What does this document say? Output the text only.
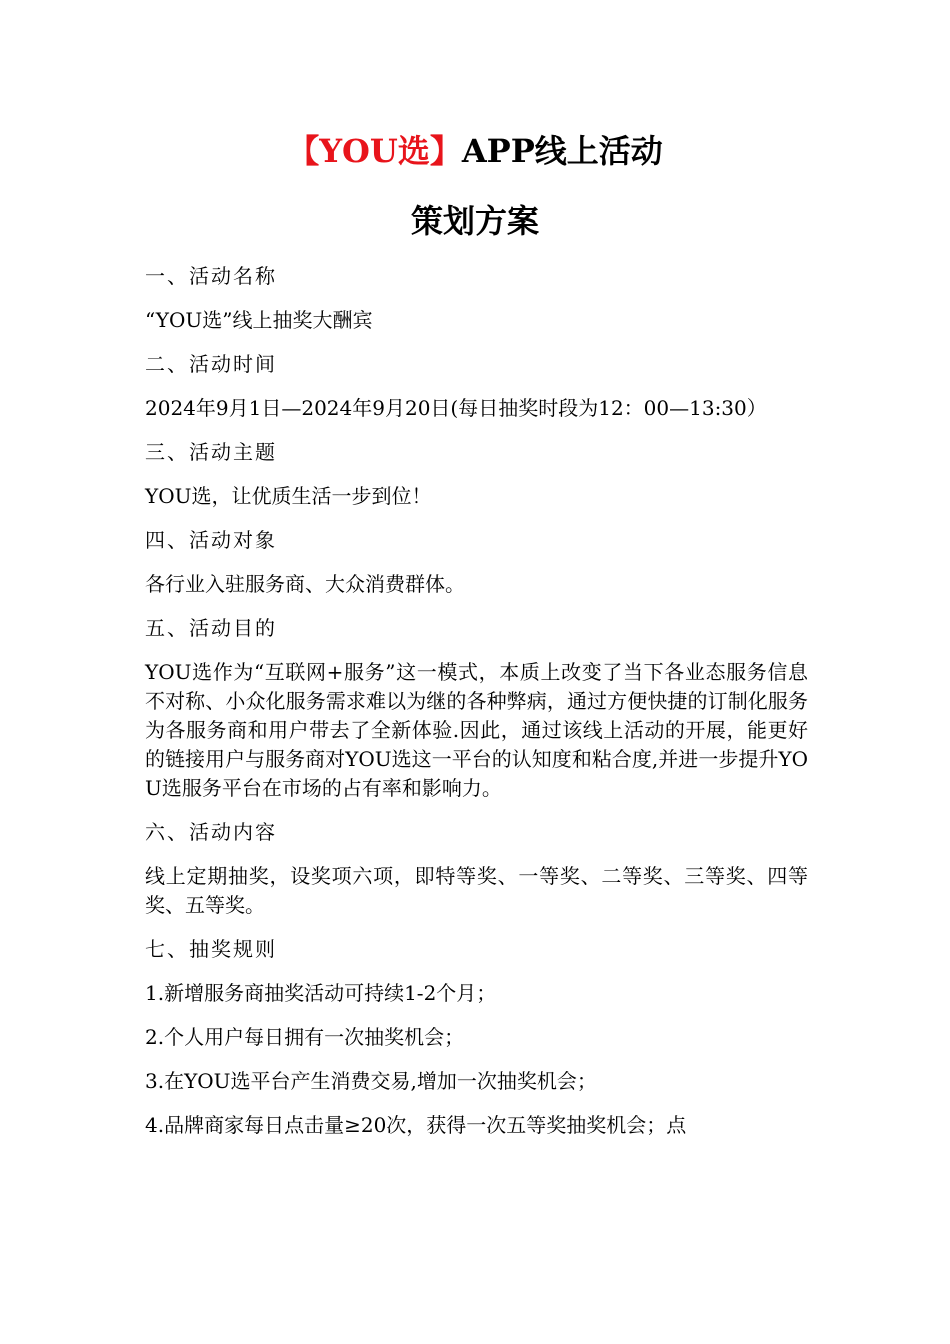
【YOU选】APP线上活动
策划方案
一、活动名称
“YOU选”线上抽奖大酬宾
二、活动时间
2024年9月1日—2024年9月20日(每日抽奖时段为12：00—13:30）
三、活动主题
YOU选，让优质生活一步到位！
四、活动对象
各行业入驻服务商、大众消费群体。
五、活动目的
YOU选作为“互联网+服务”这一模式，本质上改变了当下各业态服务信息不对称、小众化服务需求难以为继的各种弊病，通过方便快捷的订制化服务为各服务商和用户带去了全新体验.因此，通过该线上活动的开展，能更好的链接用户与服务商对YOU选这一平台的认知度和粘合度,并进一步提升YOU选服务平台在市场的占有率和影响力。
六、活动内容
线上定期抽奖，设奖项六项，即特等奖、一等奖、二等奖、三等奖、四等奖、五等奖。
七、抽奖规则
1.新增服务商抽奖活动可持续1-2个月；
2.个人用户每日拥有一次抽奖机会；
3.在YOU选平台产生消费交易,增加一次抽奖机会；
4.品牌商家每日点击量≥20次，获得一次五等奖抽奖机会；点
